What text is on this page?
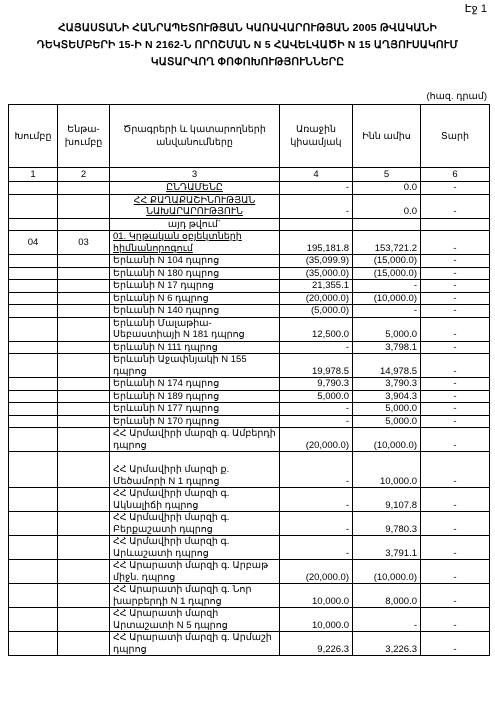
Էջ 1
ՀԱՅԱՍՏԱՆԻ ՀԱՆՐԱՊԵՏՈՒԹՅԱՆ ԿԱՌԱՎԱՐՈՒԹՅԱՆ 2005 ԹՎԱԿԱՆԻ
ԴԵԿՏԵՄԲԵՐԻ 15-Ի N 2162-Ն ՈՐՈՇՄԱՆ N 5 ՀԱՎԵԼՎԱԾԻ N 15 ԱՂՅՈՒՍԱԿՈՒՄ
ԿԱՏԱՐՎՈՂ ՓՈՓՈԽՈՒԹՅՈՒՆՆԵՐԸ
(հազ. դրամ)
Խումբը	Ենթա-խումբը	Ծրագրերի և կատարողների անվանումները	Առաջին կիսամյակ	Ինն ամիս	Տարի
1	2	3	4	5	6
		ԸՆԴԱՄԵՆԸ	-	0.0	-
		ՀՀ ՔԱՂԱՔԱՇԻՆՈՒԹՅԱՆ ՆԱԽԱՐԱՐՈՒԹՅՈՒՆ	-	0.0	-
		այդ թվում`			
04	03	01. Կրթական օբյեկտների հիմնանորոգում	195,181.8	153,721.2	-
		Երևանի N 104 դպրոց	(35,099.9)	(15,000.0)	-
		Երևանի N 180 դպրոց	(35,000.0)	(15,000.0)	-
		Երևանի N 17 դպրոց	21,355.1	-	-
		Երևանի N 6 դպրոց	(20,000.0)	(10,000.0)	-
		Երևանի N 140 դպրոց	(5,000.0)	-	-
		Երևանի Մալաթիա-Սեբաստիայի N 181 դպրոց	12,500.0	5,000.0	-
		Երևանի N 111 դպրոց	-	3,798.1	-
		Երևանի Աջափնյակի N 155 դպրոց	19,978.5	14,978.5	-
		Երևանի N 174 դպրոց	9,790.3	3,790.3	-
		Երևանի N 189 դպրոց	5,000.0	3,904.3	-
		Երևանի N 177 դպրոց	-	5,000.0	-
		Երևանի N 170 դպրոց	-	5,000.0	-
		ՀՀ Արմավիրի մարզի գ. Ամբերդի դպրոց	(20,000.0)	(10,000.0)	-
		ՀՀ Արմավիրի մարզի ք. Մեծամորի N 1 դպրոց	-	10,000.0	-
		ՀՀ Արմավիրի մարզի գ. Ակնալիճի դպրոց	-	9,107.8	-
		ՀՀ Արմավիրի մարզի գ. Բերքաշատի դպրոց	-	9,780.3	-
		ՀՀ Արմավիրի մարզի գ. Արևաշատի դպրոց	-	3,791.1	-
		ՀՀ Արարատի մարզի գ. Արբաթ միջն. դպրոց	(20,000.0)	(10,000.0)	-
		ՀՀ Արարատի մարզի գ. Նոր խարբերդի N 1 դպրոց	10,000.0	8,000.0	-
		ՀՀ Արարատի մարզի Արտաշատի N 5 դպրոց	10,000.0	-	-
		ՀՀ Արարատի մարզի գ. Արմաշի դպրոց	9,226.3	3,226.3	-
